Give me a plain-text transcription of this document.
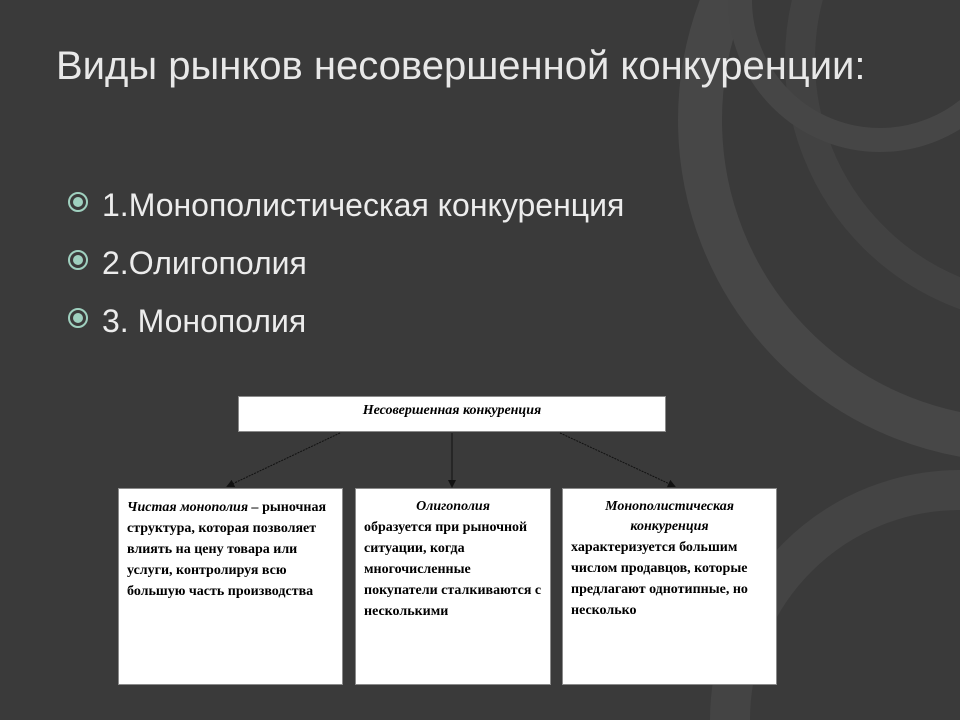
Виды рынков несовершенной конкуренции:
1.Монополистическая конкуренция
2.Олигополия
3. Монополия
Несовершенная конкуренция
Чистая монополия – рыночная структура, которая позволяет влиять на цену товара или услуги, контролируя всю большую часть производства
Олигополия
образуется при рыночной ситуации, когда многочисленные покупатели сталкиваются с несколькими
Монополистическая конкуренция
характеризуется большим числом продавцов, которые предлагают однотипные, но несколько
